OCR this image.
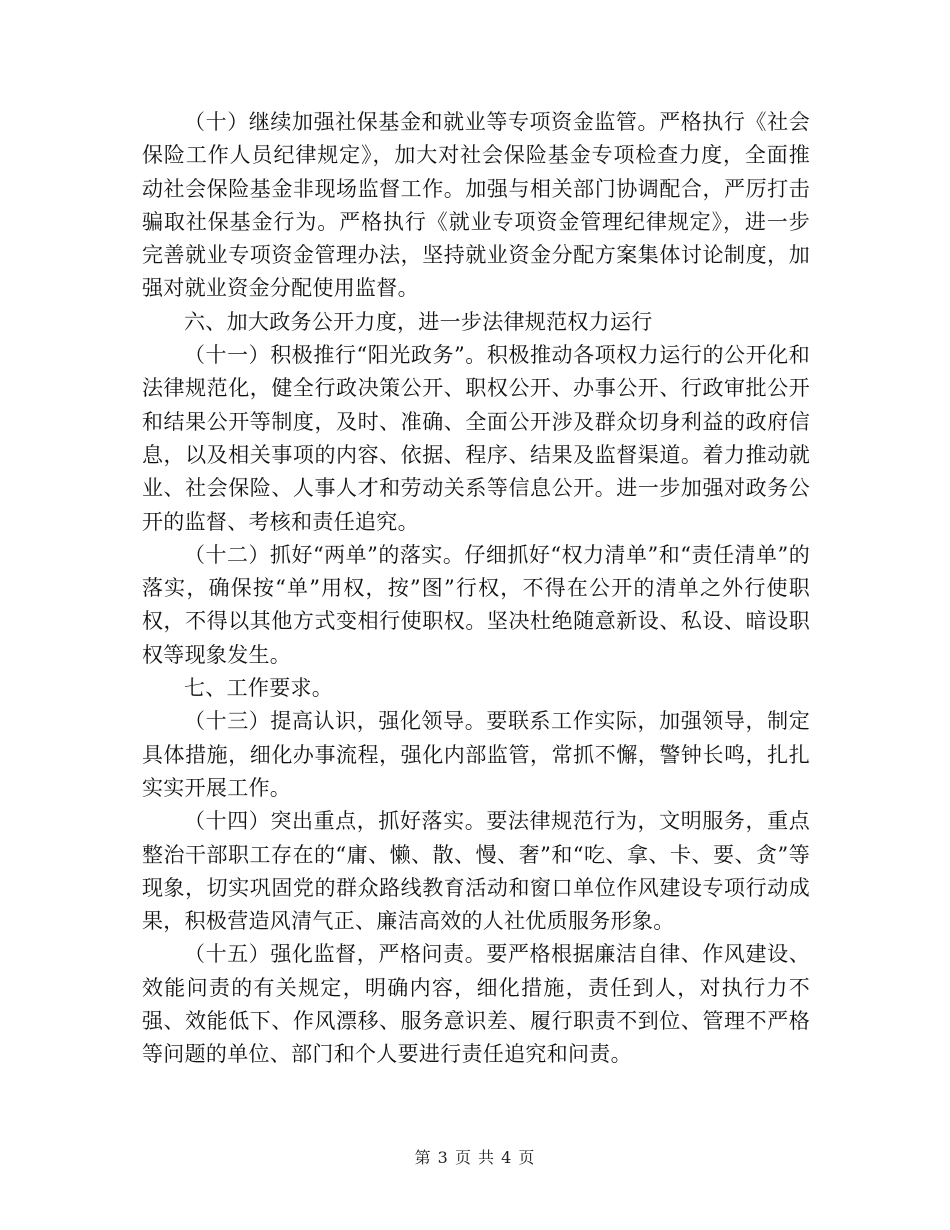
（十）继续加强社保基金和就业等专项资金监管。严格执行《社会保险工作人员纪律规定》，加大对社会保险基金专项检查力度，全面推动社会保险基金非现场监督工作。加强与相关部门协调配合，严厉打击骗取社保基金行为。严格执行《就业专项资金管理纪律规定》，进一步完善就业专项资金管理办法，坚持就业资金分配方案集体讨论制度，加强对就业资金分配使用监督。

六、加大政务公开力度，进一步法律规范权力运行

（十一）积极推行“阳光政务”。积极推动各项权力运行的公开化和法律规范化，健全行政决策公开、职权公开、办事公开、行政审批公开和结果公开等制度，及时、准确、全面公开涉及群众切身利益的政府信息，以及相关事项的内容、依据、程序、结果及监督渠道。着力推动就业、社会保险、人事人才和劳动关系等信息公开。进一步加强对政务公开的监督、考核和责任追究。

（十二）抓好“两单”的落实。仔细抓好“权力清单”和“责任清单”的落实，确保按“单”用权，按”图”行权，不得在公开的清单之外行使职权，不得以其他方式变相行使职权。坚决杜绝随意新设、私设、暗设职权等现象发生。

七、工作要求。

（十三）提高认识，强化领导。要联系工作实际，加强领导，制定具体措施，细化办事流程，强化内部监管，常抓不懈，警钟长鸣，扎扎实实开展工作。

（十四）突出重点，抓好落实。要法律规范行为，文明服务，重点整治干部职工存在的“庸、懒、散、慢、奢”和“吃、拿、卡、要、贪”等现象，切实巩固党的群众路线教育活动和窗口单位作风建设专项行动成果，积极营造风清气正、廉洁高效的人社优质服务形象。

（十五）强化监督，严格问责。要严格根据廉洁自律、作风建设、效能问责的有关规定，明确内容，细化措施，责任到人，对执行力不强、效能低下、作风漂移、服务意识差、履行职责不到位、管理不严格等问题的单位、部门和个人要进行责任追究和问责。

第 3 页 共 4 页
